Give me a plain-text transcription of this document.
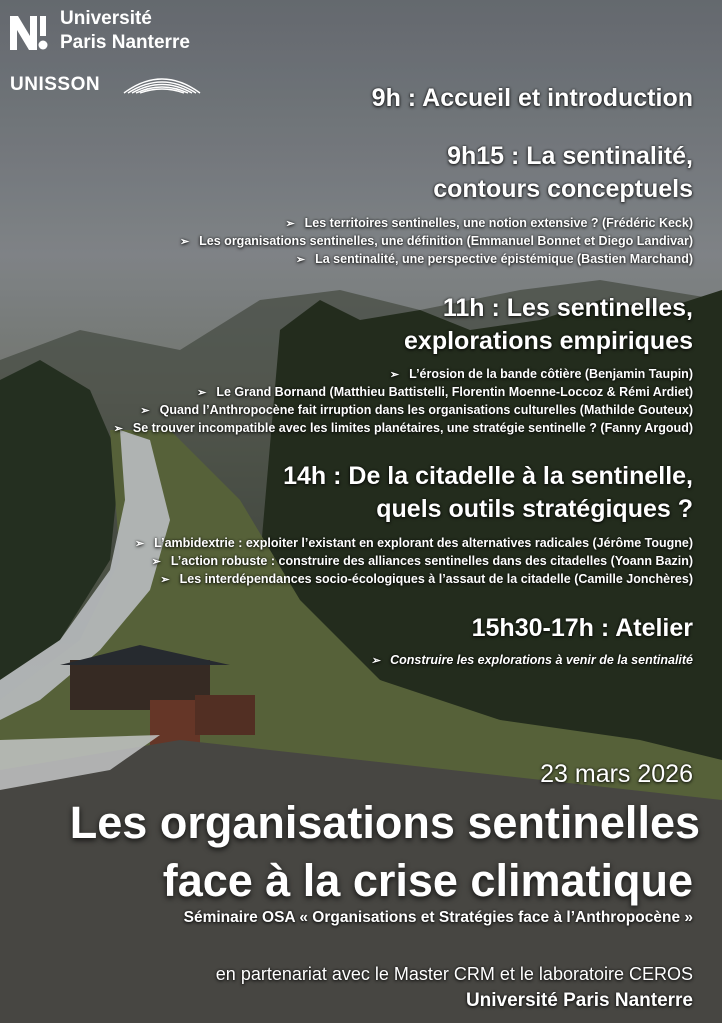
Université
Paris Nanterre
UNISSON	9h : Accueil et introduction
9h15 : La sentinalité,
contours conceptuels
➢ Les territoires sentinelles, une notion extensive ? (Frédéric Keck)
➢ Les organisations sentinelles, une définition (Emmanuel Bonnet et Diego Landivar)
➢ La sentinalité, une perspective épistémique (Bastien Marchand)
11h : Les sentinelles,
explorations empiriques
➢ L’érosion de la bande côtière (Benjamin Taupin)
➢ Le Grand Bornand (Matthieu Battistelli, Florentin Moenne-Loccoz & Rémi Ardiet)
➢ Quand l’Anthropocène fait irruption dans les organisations culturelles (Mathilde Gouteux)
➢ Se trouver incompatible avec les limites planétaires, une stratégie sentinelle ? (Fanny Argoud)
14h : De la citadelle à la sentinelle,
quels outils stratégiques ?
➢ L’ambidextrie : exploiter l’existant en explorant des alternatives radicales (Jérôme Tougne)
➢ L’action robuste : construire des alliances sentinelles dans des citadelles (Yoann Bazin)
➢ Les interdépendances socio-écologiques à l’assaut de la citadelle (Camille Jonchères)
15h30-17h : Atelier
➢ Construire les explorations à venir de la sentinalité
23 mars 2026
Les organisations sentinelles
face à la crise climatique
Séminaire OSA « Organisations et Stratégies face à l’Anthropocène »
en partenariat avec le Master CRM et le laboratoire CEROS
Université Paris Nanterre
